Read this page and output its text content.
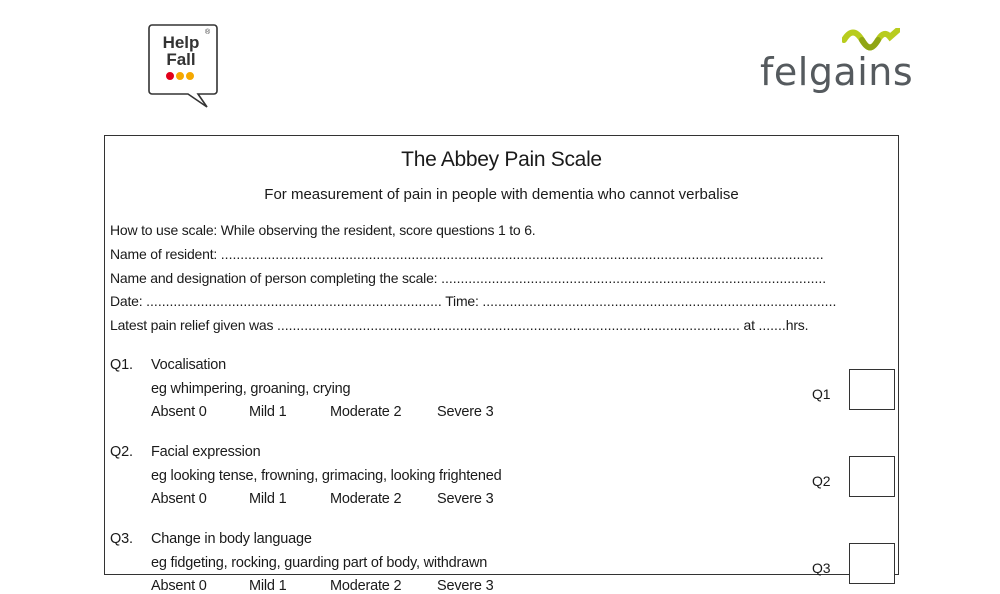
Help
Fall
®
felgains
The Abbey Pain Scale
For measurement of pain in people with dementia who cannot verbalise
How to use scale: While observing the resident, score questions 1 to 6.
Name of resident: ...........................................................................................................................................................
Name and designation of person completing the scale: ...................................................................................................
Date: ............................................................................ Time: ...........................................................................................
Latest pain relief given was ....................................................................................................................... at .......hrs.
Q1. Vocalisation
eg whimpering, groaning, crying
Absent 0	Mild 1	Moderate 2 Severe 3
Q1
Q2. Facial expression
eg looking tense, frowning, grimacing, looking frightened
Absent 0	Mild 1	Moderate 2 Severe 3
Q2
Q3. Change in body language
eg fidgeting, rocking, guarding part of body, withdrawn
Absent 0	Mild 1	Moderate 2 Severe 3
Q3
